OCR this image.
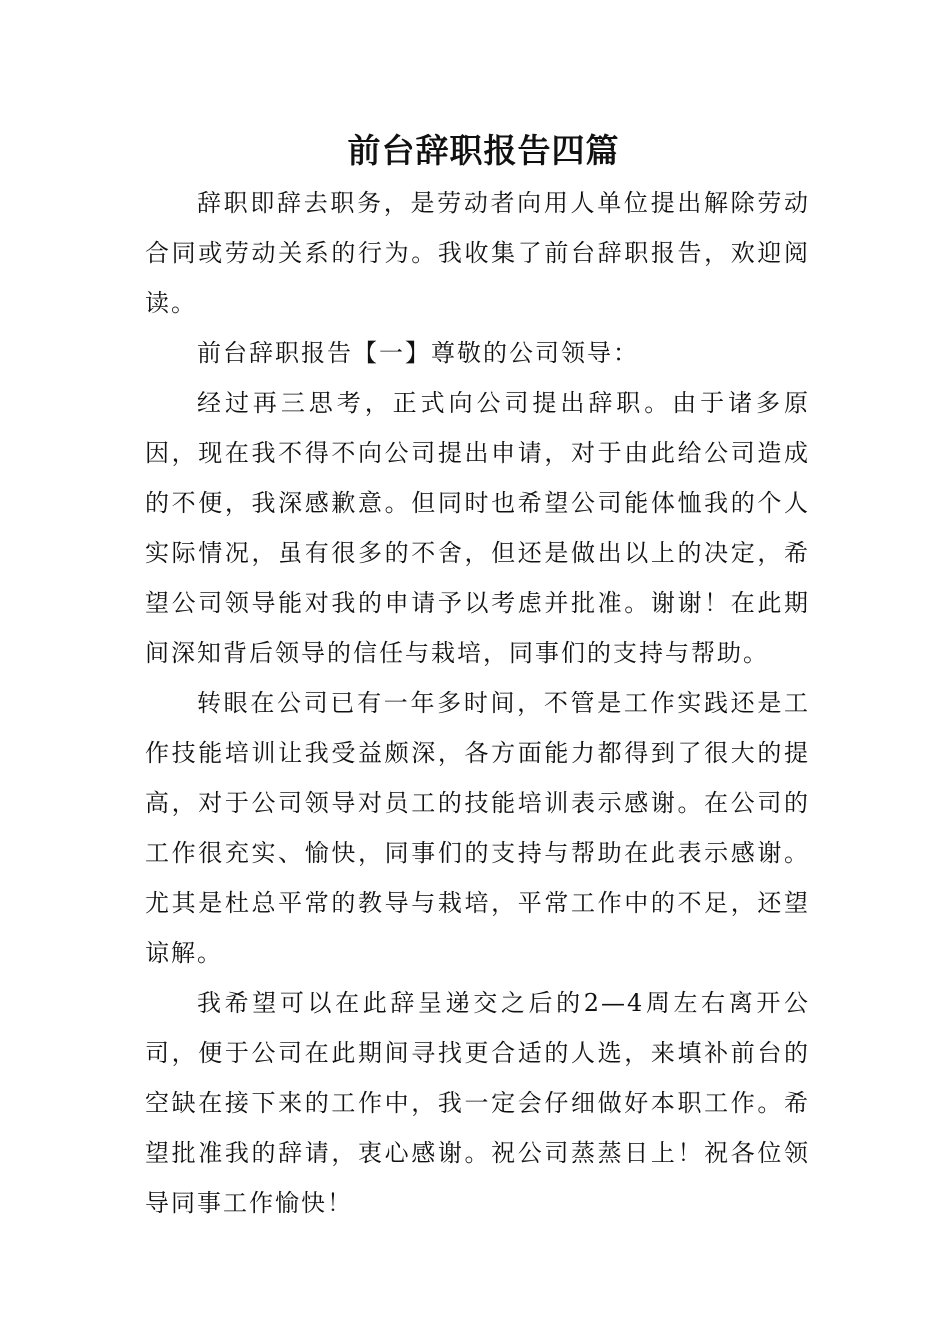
前台辞职报告四篇

辞职即辞去职务，是劳动者向用人单位提出解除劳动合同或劳动关系的行为。我收集了前台辞职报告，欢迎阅读。

前台辞职报告【一】尊敬的公司领导：

经过再三思考，正式向公司提出辞职。由于诸多原因，现在我不得不向公司提出申请，对于由此给公司造成的不便，我深感歉意。但同时也希望公司能体恤我的个人实际情况，虽有很多的不舍，但还是做出以上的决定，希望公司领导能对我的申请予以考虑并批准。谢谢！在此期间深知背后领导的信任与栽培，同事们的支持与帮助。

转眼在公司已有一年多时间，不管是工作实践还是工作技能培训让我受益颇深，各方面能力都得到了很大的提高，对于公司领导对员工的技能培训表示感谢。在公司的工作很充实、愉快，同事们的支持与帮助在此表示感谢。尤其是杜总平常的教导与栽培，平常工作中的不足，还望谅解。

我希望可以在此辞呈递交之后的2—4周左右离开公司，便于公司在此期间寻找更合适的人选，来填补前台的空缺在接下来的工作中，我一定会仔细做好本职工作。希望批准我的辞请，衷心感谢。祝公司蒸蒸日上！祝各位领导同事工作愉快！
